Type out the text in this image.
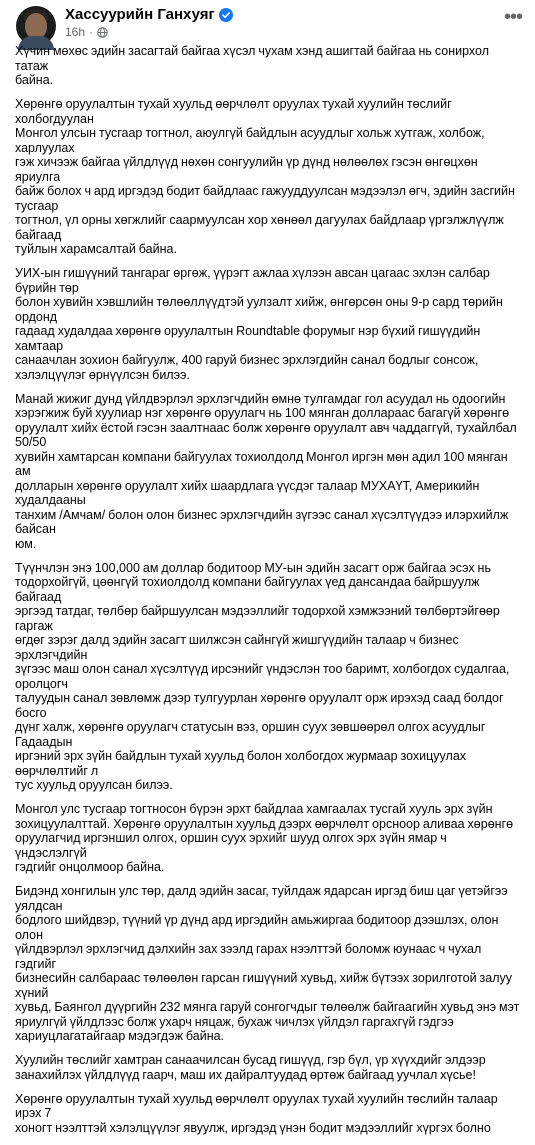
Хассуурийн Ганхуяг
16h ·
•••

Хүчин мөхөс эдийн засагтай байгаа хүсэл чухам хэнд ашигтай байгаа нь сонирхол татаж
байна.

Хөрөнгө оруулалтын тухай хуульд өөрчлөлт оруулах тухай хуулийн төслийг холбогдуулан
Монгол улсын тусгаар тогтнол, аюулгүй байдлын асуудлыг хольж хутгаж, холбож, харлуулах
гэж хичээж байгаа үйлдлүүд нөхөн сонгуулийн үр дүнд нөлөөлөх гэсэн өнгөцхөн яриулга
байж болох ч ард иргэдэд бодит байдлаас гажууддуулсан мэдээлэл өгч, эдийн засгийн тусгаар
тогтнол, үл орны хөгжлийг саармуулсан хор хөнөөл дагуулах байдлаар үргэлжлүүлж байгаад
туйлын харамсалтай байна.

УИХ-ын гишүүний тангараг өргөж, үүрэгт ажлаа хүлээн авсан цагаас эхлэн салбар бүрийн төр
болон хувийн хэвшлийн төлөөллүүдтэй уулзалт хийж, өнгөрсөн оны 9-р сард төрийн ордонд
гадаад худалдаа хөрөнгө оруулалтын Roundtable форумыг нэр бүхий гишүүдийн хамтаар
санаачлан зохион байгуулж, 400 гаруй бизнес эрхлэгдийн санал бодлыг сонсож,
хэлэлцүүлэг өрнүүлсэн билээ.

Манай жижиг дунд үйлдвэрлэл эрхлэгчдийн өмнө тулгамдаг гол асуудал нь одоогийн
хэрэгжиж буй хуулиар нэг хөрөнгө оруулагч нь 100 мянган доллараас багагүй хөрөнгө
оруулалт хийх ёстой гэсэн заалтнаас болж хөрөнгө оруулалт авч чаддаггүй, тухайлбал 50/50
хувийн хамтарсан компани байгуулах тохиолдолд Монгол иргэн мөн адил 100 мянган ам
долларын хөрөнгө оруулалт хийх шаардлага үүсдэг талаар МУХАҮТ, Америкийн худалдааны
танхим /Амчам/ болон олон бизнес эрхлэгчдийн зүгээс санал хүсэлтүүдээ илэрхийлж байсан
юм.

Түүнчлэн энэ 100,000 ам доллар бодитоор МУ-ын эдийн засагт орж байгаа эсэх нь
тодорхойгүй, цөөнгүй тохиолдолд компани байгуулах үед дансандаа байршуулж байгаад
эргээд татдаг, төлбөр байршуулсан мэдээллийг тодорхой хэмжээний төлбөртэйгөөр гаргаж
өгдөг зэрэг далд эдийн засагт шилжсэн сайнгүй жишгүүдийн талаар ч бизнес эрхлэгчдийн
зүгээс маш олон санал хүсэлтүүд ирсэнийг үндэслэн тоо баримт, холбогдох судалгаа, оролцогч
талуудын санал зөвлөмж дээр тулгуурлан хөрөнгө оруулалт орж ирэхэд саад болдог босго
дүнг халж, хөрөнгө оруулагч статусын вэз, оршин суух зөвшөөрөл олгох асуудлыг Гадаадын
иргэний эрх зүйн байдлын тухай хуульд болон холбогдох журмаар зохицуулах өөрчлөлтийг л
тус хуульд оруулсан билээ.

Монгол улс тусгаар тогтносон бүрэн эрхт байдлаа хамгаалах тусгай хууль эрх зүйн
зохицуулалттай. Хөрөнгө оруулалтын хуульд дээрх өөрчлөлт орсноор аливаа хөрөнгө
оруулагчид иргэншил олгох, оршин суух эрхийг шууд олгох эрх зүйн ямар ч үндэслэлгүй
гэдгийг онцолмоор байна.

Бидэнд хонгилын улс төр, далд эдийн засаг, туйлдаж ядарсан иргэд биш цаг үетэйгээ уялдсан
бодлого шийдвэр, түүний үр дүнд ард иргэдийн амьжиргаа бодитоор дээшлэх, олон олон
үйлдвэрлэл эрхлэгчид дэлхийн зах зээлд гарах нээлттэй боломж юунаас ч чухал гэдгийг
бизнесийн салбараас төлөөлөн гарсан гишүүний хувьд, хийж бүтээх зорилготой залуу хүний
хувьд, Баянгол дүүргийн 232 мянга гаруй сонгогчдыг төлөөлж байгаагийн хувьд энэ мэт
яриулгүй үйлдлээс болж ухарч няцаж, бухаж чичлэх үйлдэл гаргахгүй гэдгээ
хариуцлагатайгаар мэдэгдэж байна.

Хуулийн төслийг хамтран санаачилсан бусад гишүүд, гэр бүл, үр хүүхдийг элдээр
занахийлэх үйлдлүүд гаарч, маш их дайралтуудад өртөж байгаад уучлал хүсье!

Хөрөнгө оруулалтын тухай хуульд өөрчлөлт оруулах тухай хуулийн төслийн талаар ирэх 7
хоногт нээлттэй хэлэлцүүлэг явуулж, иргэдэд үнэн бодит мэдээллийг хүргэх болно
